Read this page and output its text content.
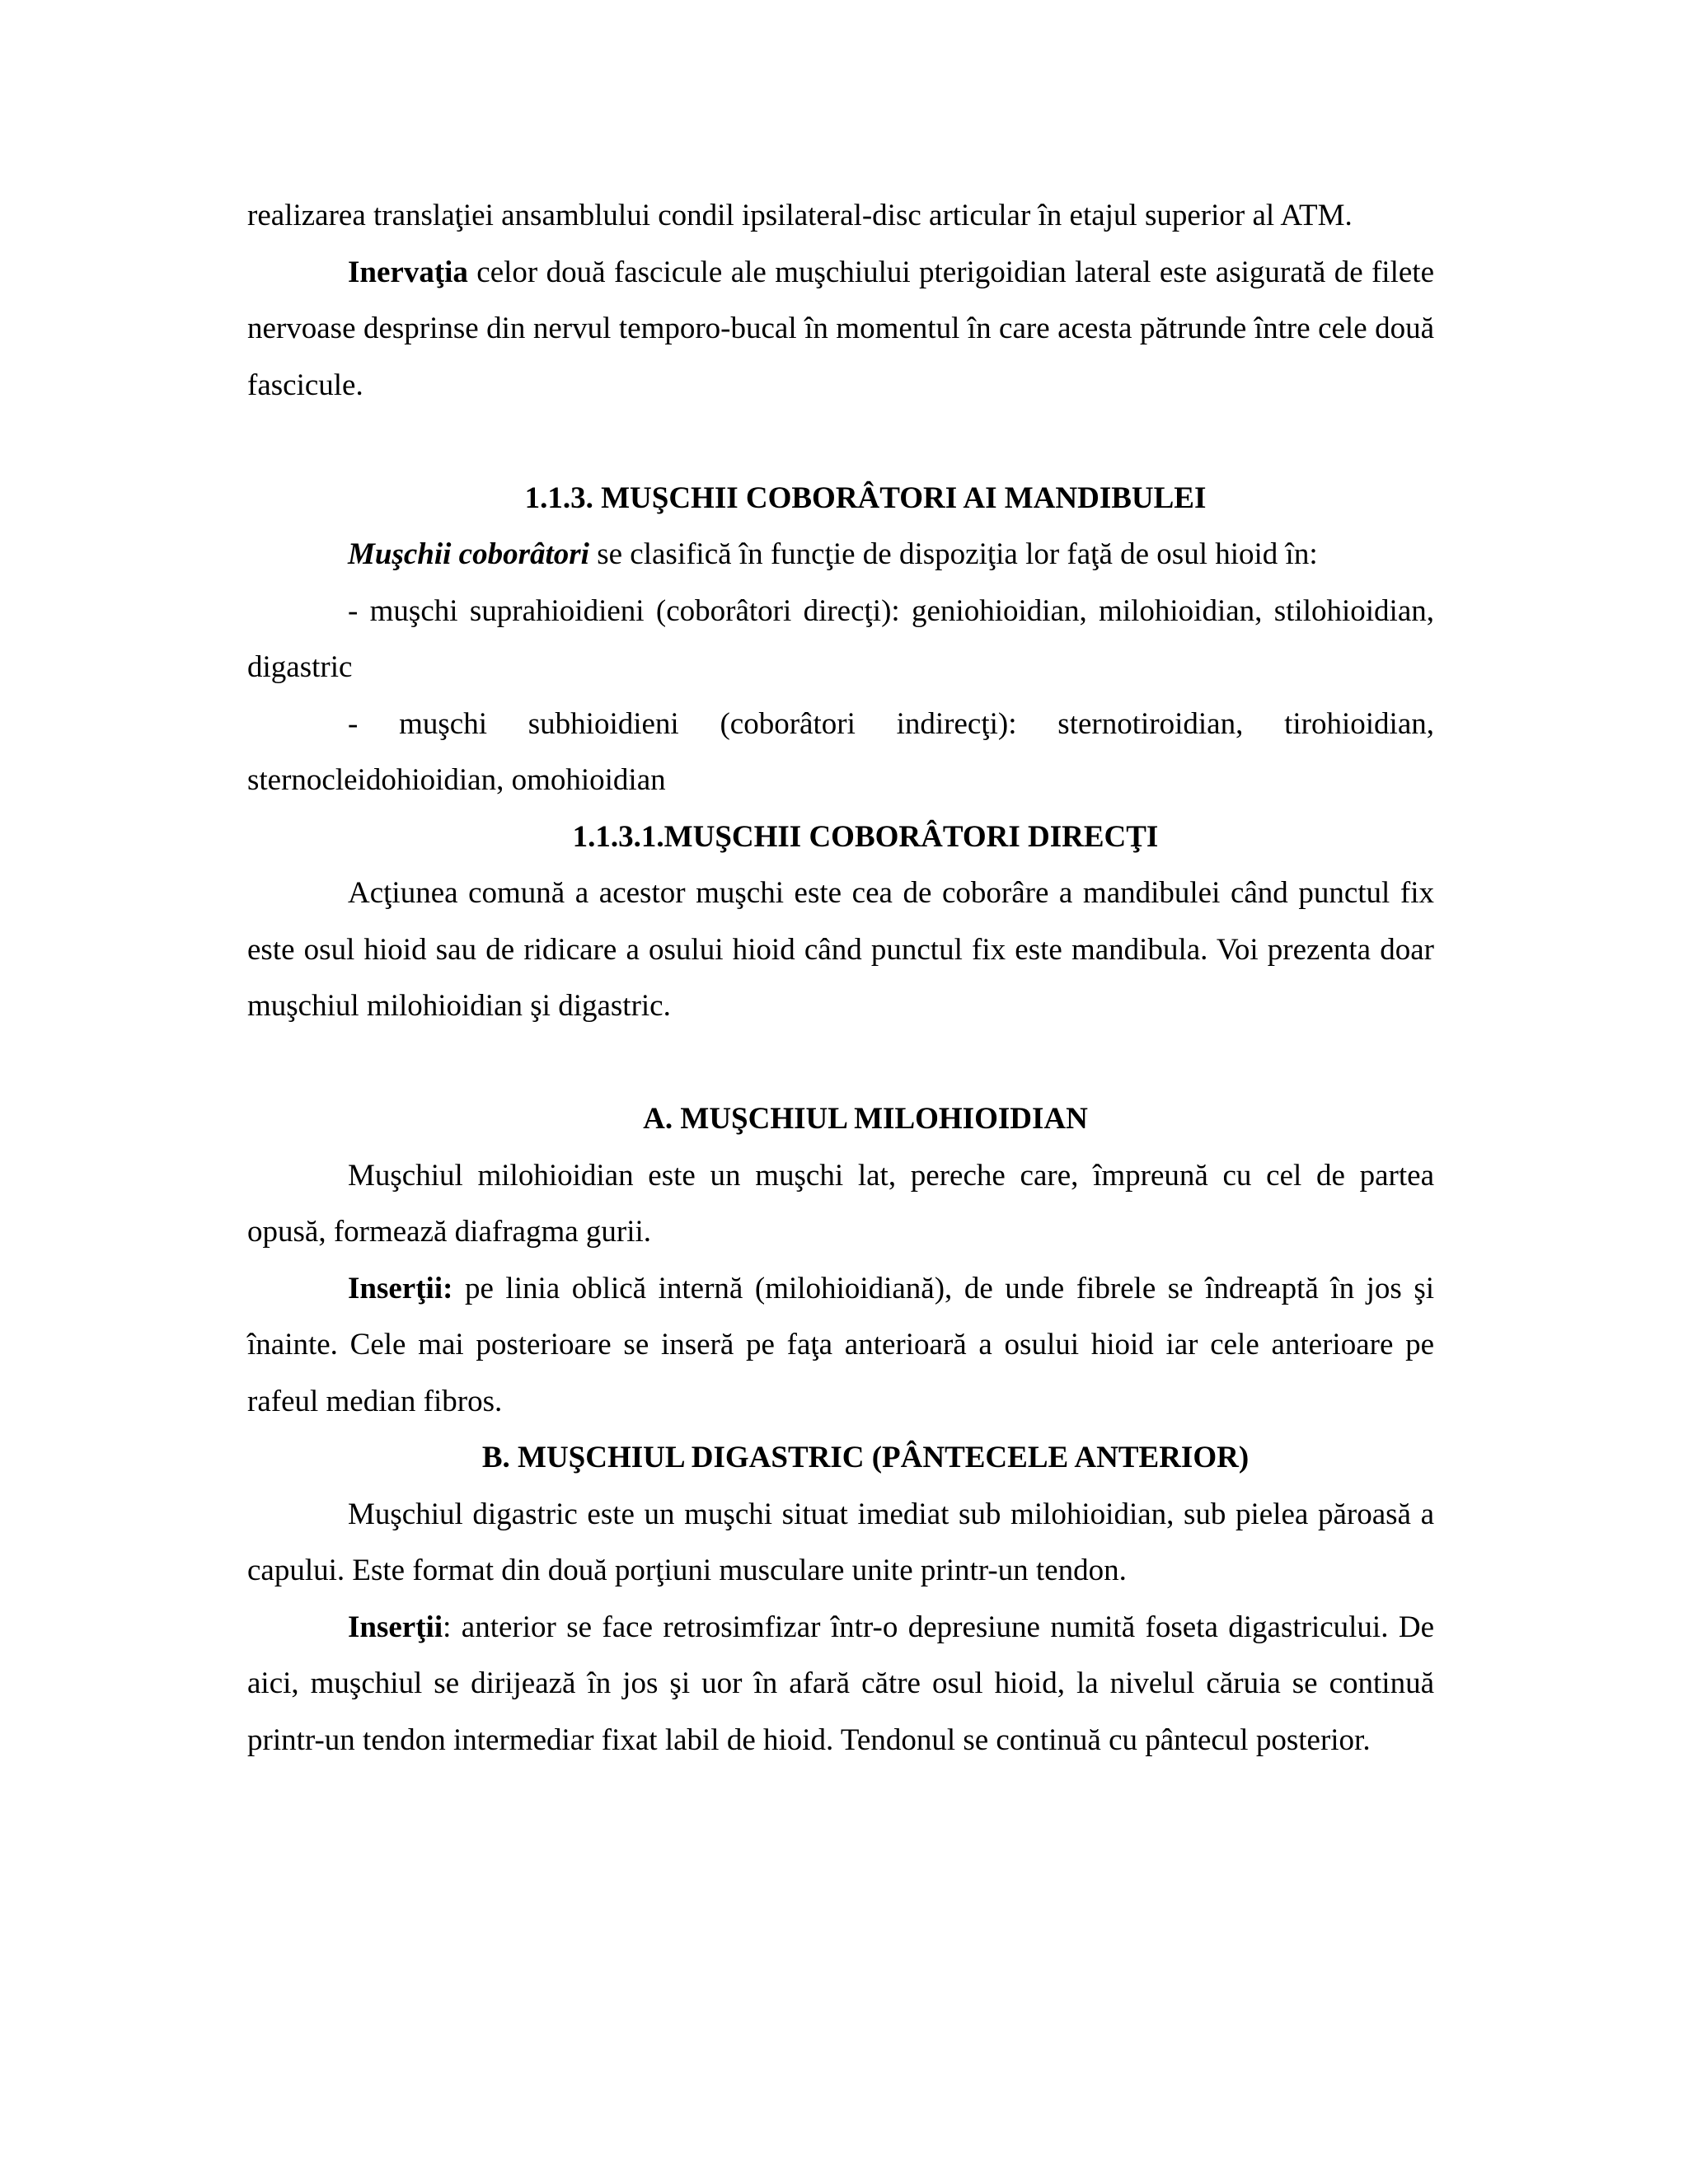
realizarea translaţiei ansamblului condil ipsilateral-disc articular în etajul superior al ATM.

Inervaţia celor două fascicule ale muşchiului pterigoidian lateral este asigurată de filete nervoase desprinse din nervul temporo-bucal în momentul în care acesta pătrunde între cele două fascicule.

1.1.3. MUŞCHII COBORÂTORI AI MANDIBULEI

Muşchii coborâtori se clasifică în funcţie de dispoziţia lor faţă de osul hioid în:

- muşchi suprahioidieni (coborâtori direcţi): geniohioidian, milohioidian, stilohioidian, digastric

- muşchi subhioidieni (coborâtori indirecţi): sternotiroidian, tirohioidian, sternocleidohioidian, omohioidian

1.1.3.1.MUŞCHII COBORÂTORI DIRECŢI

Acţiunea comună a acestor muşchi este cea de coborâre a mandibulei când punctul fix este osul hioid sau de ridicare a osului hioid când punctul fix este mandibula. Voi prezenta doar muşchiul milohioidian şi digastric.

A. MUŞCHIUL MILOHIOIDIAN

Muşchiul milohioidian este un muşchi lat, pereche care, împreună cu cel de partea opusă, formează diafragma gurii.

Inserţii: pe linia oblică internă (milohioidiană), de unde fibrele se îndreaptă în jos şi înainte. Cele mai posterioare se inseră pe faţa anterioară a osului hioid iar cele anterioare pe rafeul median fibros.

B. MUŞCHIUL DIGASTRIC (PÂNTECELE ANTERIOR)

Muşchiul digastric este un muşchi situat imediat sub milohioidian, sub pielea păroasă a capului. Este format din două porţiuni musculare unite printr-un tendon.

Inserţii: anterior se face retrosimfizar într-o depresiune numită foseta digastricului. De aici, muşchiul se dirijează în jos şi uor în afară către osul hioid, la nivelul căruia se continuă printr-un tendon intermediar fixat labil de hioid. Tendonul se continuă cu pântecul posterior.
